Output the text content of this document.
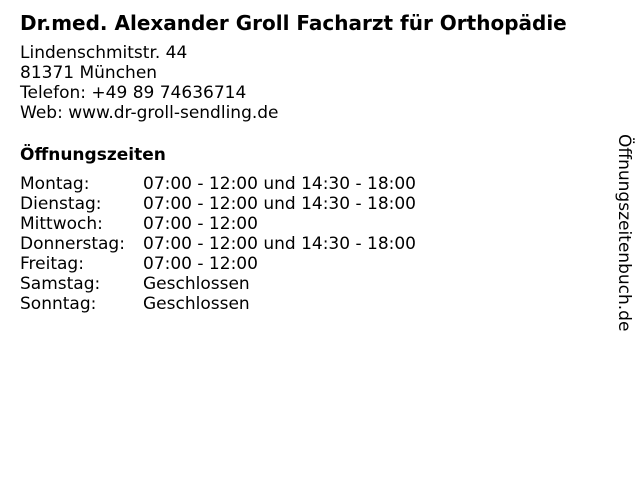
Dr.med. Alexander Groll Facharzt für Orthopädie
Lindenschmitstr. 44
81371 München
Telefon: +49 89 74636714
Web: www.dr-groll-sendling.de
Öffnungszeiten
Montag:	07:00 - 12:00 und 14:30 - 18:00
Dienstag:	07:00 - 12:00 und 14:30 - 18:00
Mittwoch:	07:00 - 12:00
Donnerstag:	07:00 - 12:00 und 14:30 - 18:00
Freitag:	07:00 - 12:00
Samstag:	Geschlossen
Sonntag:	Geschlossen	Öffnungszeitenbuch.de
